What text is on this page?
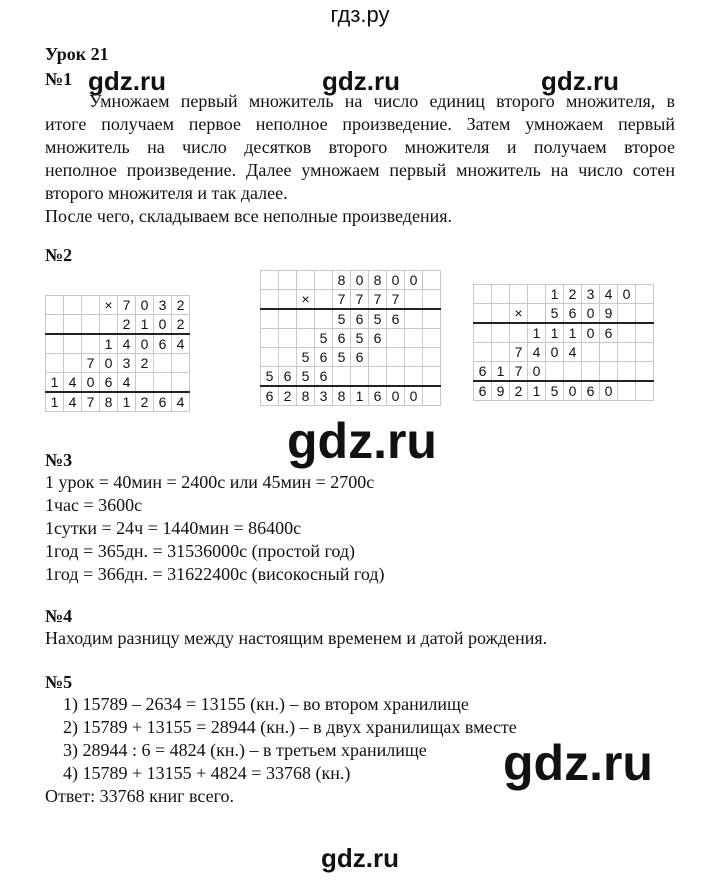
гдз.ру
Урок 21
gdz.ru	gdz.ru	gdz.ru
№1
Умножаем первый множитель на число единиц второго множителя, в
итоге получаем первое неполное произведение. Затем умножаем первый
множитель на число десятков второго множителя и получаем второе
неполное произведение. Далее умножаем первый множитель на число сотен
второго множителя и так далее.
После чего, складываем все неполные произведения.
№2
			×	7	0	3	2
				2	1	0	2
			1	4	0	6	4
		7	0	3	2		
1	4	0	6	4			
1	4	7	8	1	2	6	4
				8	0	8	0	0	
		×		7	7	7	7		
				5	6	5	6		
			5	6	5	6			
		5	6	5	6				
5	6	5	6						
6	2	8	3	8	1	6	0	0	
				1	2	3	4	0	
		×		5	6	0	9		
			1	1	1	0	6		
		7	4	0	4				
6	1	7	0						
6	9	2	1	5	0	6	0		
gdz.ru
№3
1 урок = 40мин = 2400с или 45мин = 2700с
1час = 3600с
1сутки = 24ч = 1440мин = 86400с
1год = 365дн. = 31536000с (простой год)
1год = 366дн. = 31622400с (високосный год)
№4
Находим разницу между настоящим временем и датой рождения.
№5
1) 15789 – 2634 = 13155 (кн.) – во втором хранилище
2) 15789 + 13155 = 28944 (кн.) – в двух хранилищах вместе
3) 28944 : 6 = 4824 (кн.) – в третьем хранилище
4) 15789 + 13155 + 4824 = 33768 (кн.)
Ответ: 33768 книг всего.
gdz.ru
gdz.ru
